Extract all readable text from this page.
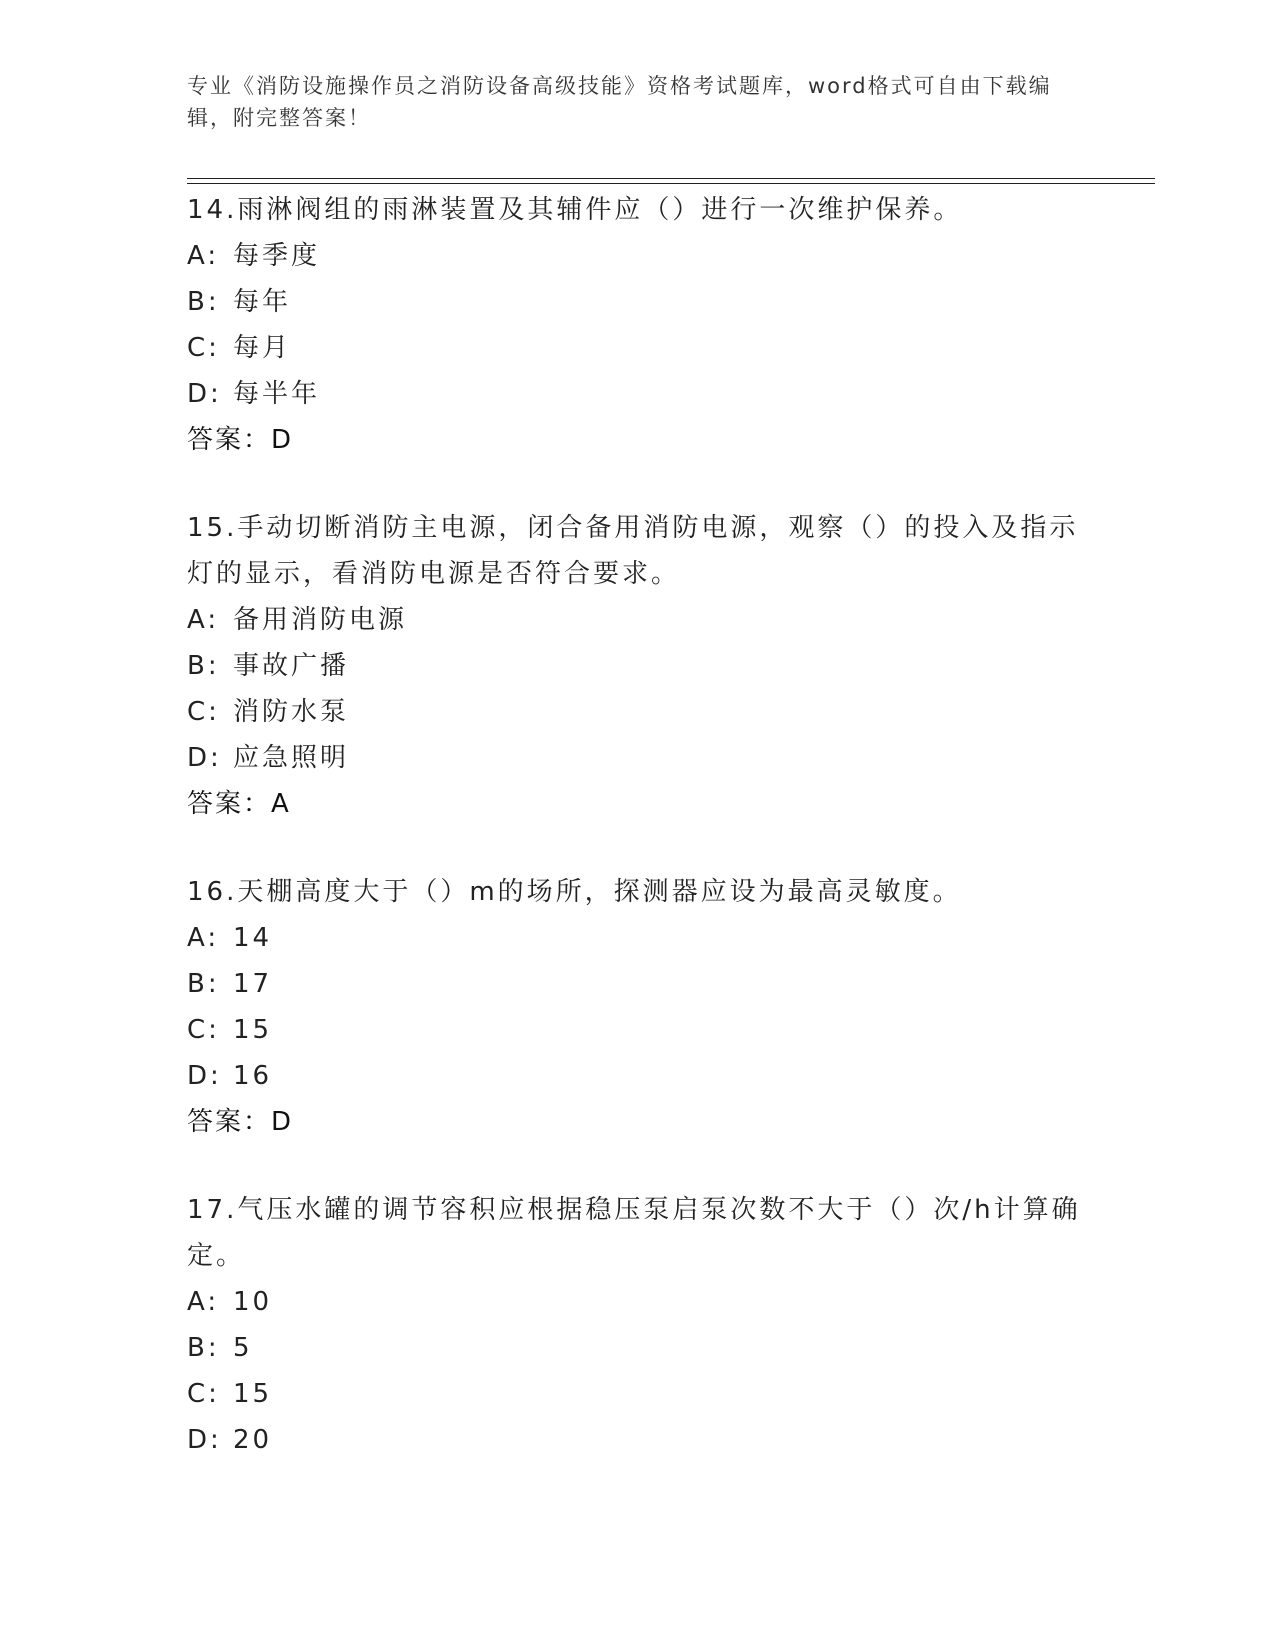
专业《消防设施操作员之消防设备高级技能》资格考试题库，word格式可自由下载编辑，附完整答案！
14.雨淋阀组的雨淋装置及其辅件应（）进行一次维护保养。
A: 每季度
B: 每年
C: 每月
D: 每半年
答案：D
15.手动切断消防主电源，闭合备用消防电源，观察（）的投入及指示灯的显示，看消防电源是否符合要求。
A: 备用消防电源
B: 事故广播
C: 消防水泵
D: 应急照明
答案：A
16.天棚高度大于（）m的场所，探测器应设为最高灵敏度。
A: 14
B: 17
C: 15
D: 16
答案：D
17.气压水罐的调节容积应根据稳压泵启泵次数不大于（）次/h计算确定。
A: 10
B: 5
C: 15
D: 20
